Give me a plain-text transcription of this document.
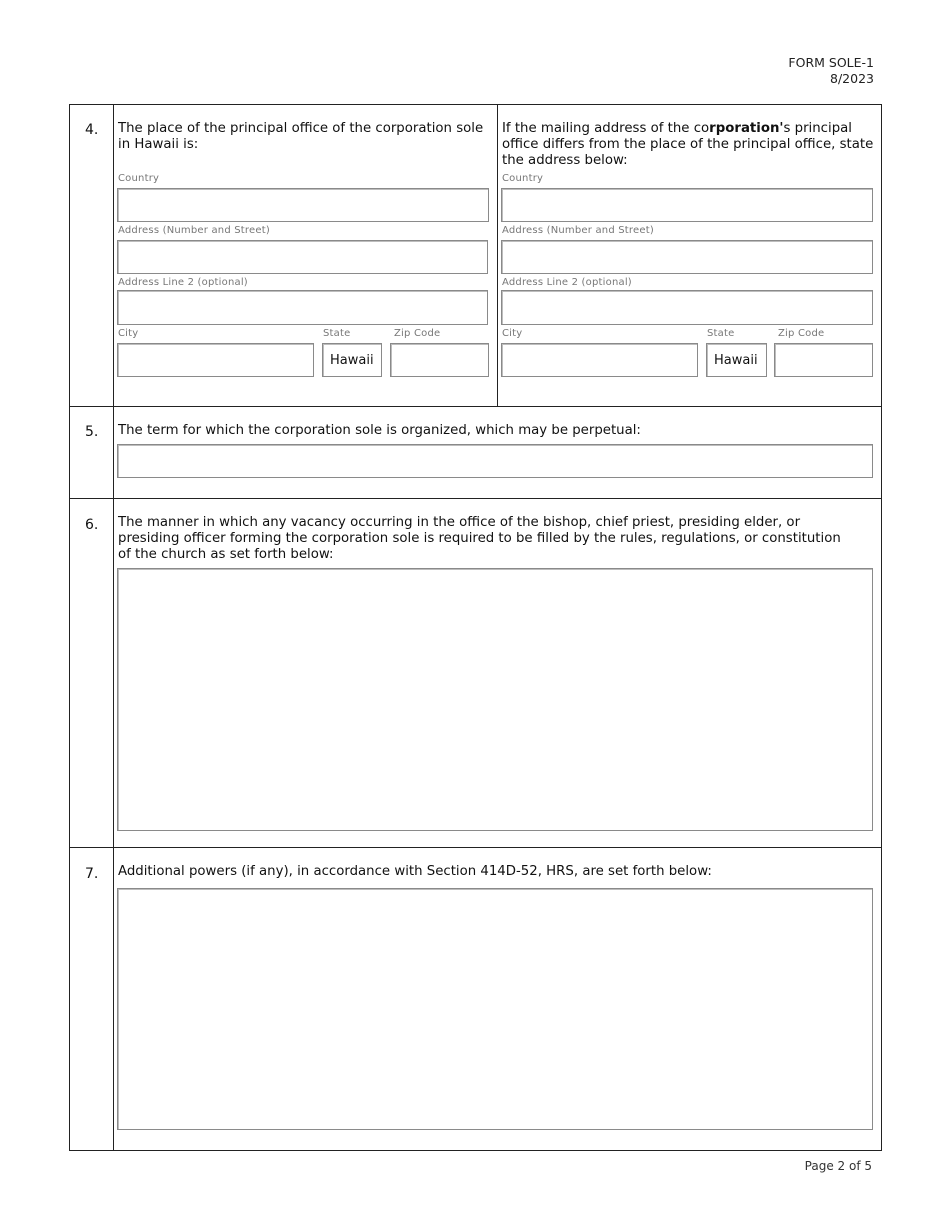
FORM SOLE-1
8/2023
4. The place of the principal office of the corporation sole in Hawaii is:
Country
Address (Number and Street)
Address Line 2 (optional)
City	State
Hawaii
Zip Code
If the mailing address of the corporation's principal office differs from the place of the principal office, state the address below:
Country
Address (Number and Street)
Address Line 2 (optional)
City	State
Hawaii
Zip Code
5. The term for which the corporation sole is organized, which may be perpetual:
6. The manner in which any vacancy occurring in the office of the bishop, chief priest, presiding elder, or presiding officer forming the corporation sole is required to be filled by the rules, regulations, or constitution of the church as set forth below:
7. Additional powers (if any), in accordance with Section 414D-52, HRS, are set forth below:
Page 2 of 5
